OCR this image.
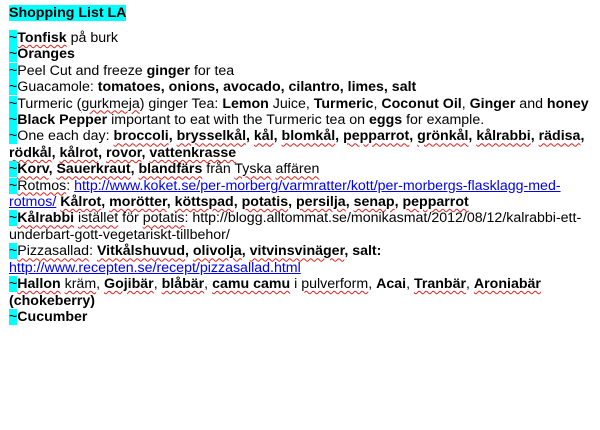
Shopping List LA
~Tonfisk på burk
~Oranges
~Peel Cut and freeze ginger for tea
~Guacamole: tomatoes, onions, avocado, cilantro, limes, salt
~Turmeric (gurkmeja) ginger Tea: Lemon Juice, Turmeric, Coconut Oil, Ginger and honey
~Black Pepper important to eat with the Turmeric tea on eggs for example.
~One each day: broccoli, brysselkål, kål, blomkål, pepparrot, grönkål, kålrabbi, rädisa, rödkål, kålrot, rovor, vattenkrasse
~Korv, Sauerkraut, blandfärs från Tyska affären
~Rotmos: http://www.koket.se/per-morberg/varmratter/kott/per-morbergs-flasklagg-med-rotmos/ Kålrot, morötter, köttspad, potatis, persilja, senap, pepparrot
~Kålrabbi istället för potatis: http://blogg.alltommat.se/monikasmat/2012/08/12/kalrabbi-ett-underbart-gott-vegetariskt-tillbehor/
~Pizzasallad: Vitkålshuvud, olivolja, vitvinsvinäger, salt: http://www.recepten.se/recept/pizzasallad.html
~Hallon kräm, Gojibär, blåbär, camu camu i pulverform, Acai, Tranbär, Aroniabär (chokeberry)
~Cucumber
